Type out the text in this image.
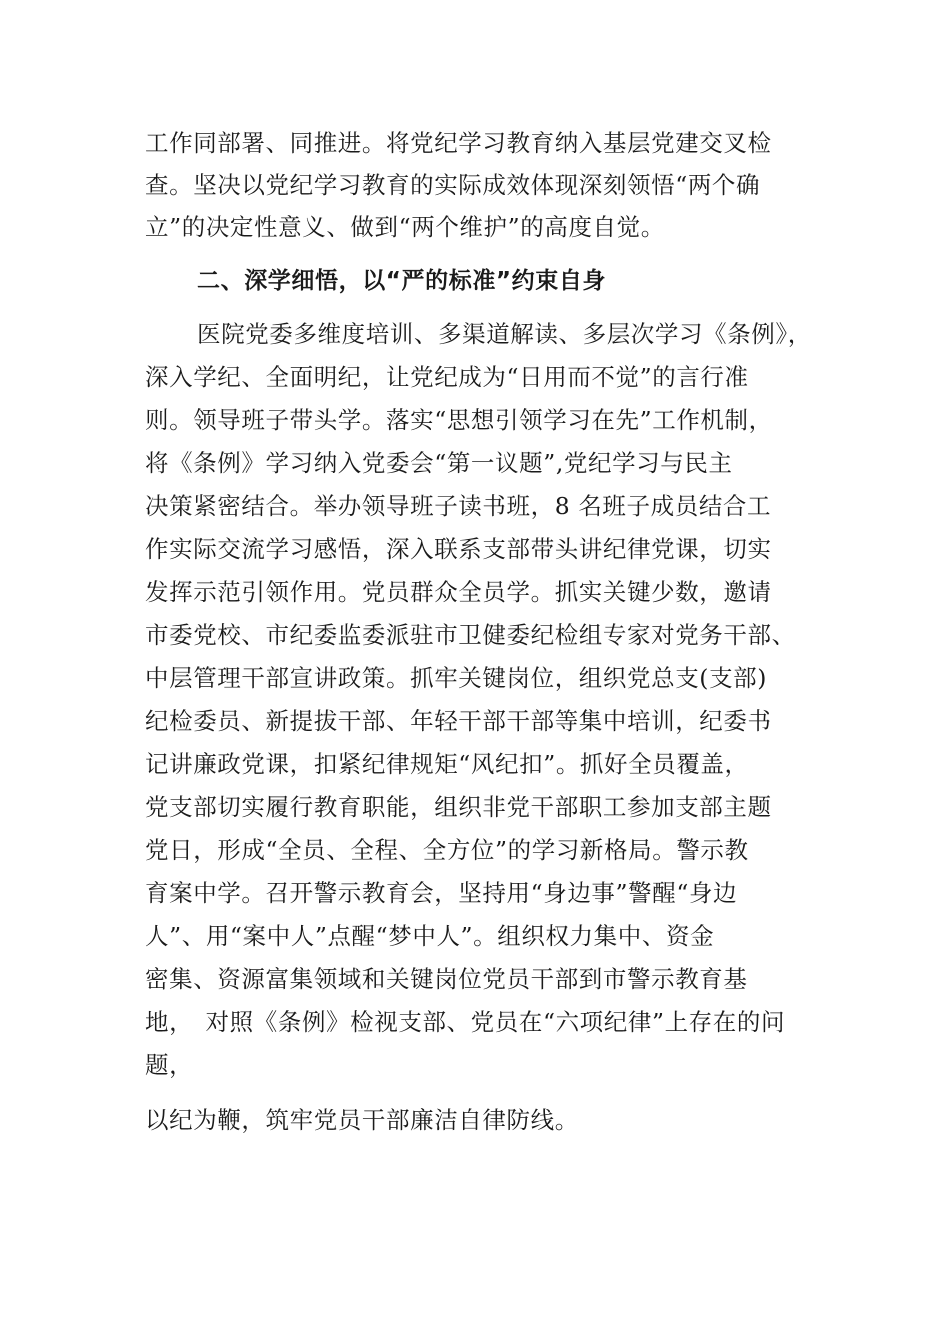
工作同部署、同推进。将党纪学习教育纳入基层党建交叉检
查。坚决以党纪学习教育的实际成效体现深刻领悟“两个确
立”的决定性意义、做到“两个维护”的高度自觉。
二、深学细悟，以“严的标准”约束自身
医院党委多维度培训、多渠道解读、多层次学习《条例》，
深入学纪、全面明纪，让党纪成为“日用而不觉”的言行准
则。领导班子带头学。落实“思想引领学习在先”工作机制，
将《条例》学习纳入党委会“第一议题”,党纪学习与民主
决策紧密结合。举办领导班子读书班，8 名班子成员结合工
作实际交流学习感悟，深入联系支部带头讲纪律党课，切实
发挥示范引领作用。党员群众全员学。抓实关键少数，邀请
市委党校、市纪委监委派驻市卫健委纪检组专家对党务干部、
中层管理干部宣讲政策。抓牢关键岗位，组织党总支(支部)
纪检委员、新提拔干部、年轻干部干部等集中培训，纪委书
记讲廉政党课，扣紧纪律规矩“风纪扣”。抓好全员覆盖，
党支部切实履行教育职能，组织非党干部职工参加支部主题
党日，形成“全员、全程、全方位”的学习新格局。警示教
育案中学。召开警示教育会，坚持用“身边事”警醒“身边
人”、用“案中人”点醒“梦中人”。组织权力集中、资金
密集、资源富集领域和关键岗位党员干部到市警示教育基
地，　对照《条例》检视支部、党员在“六项纪律”上存在的问
题，
以纪为鞭，筑牢党员干部廉洁自律防线。
